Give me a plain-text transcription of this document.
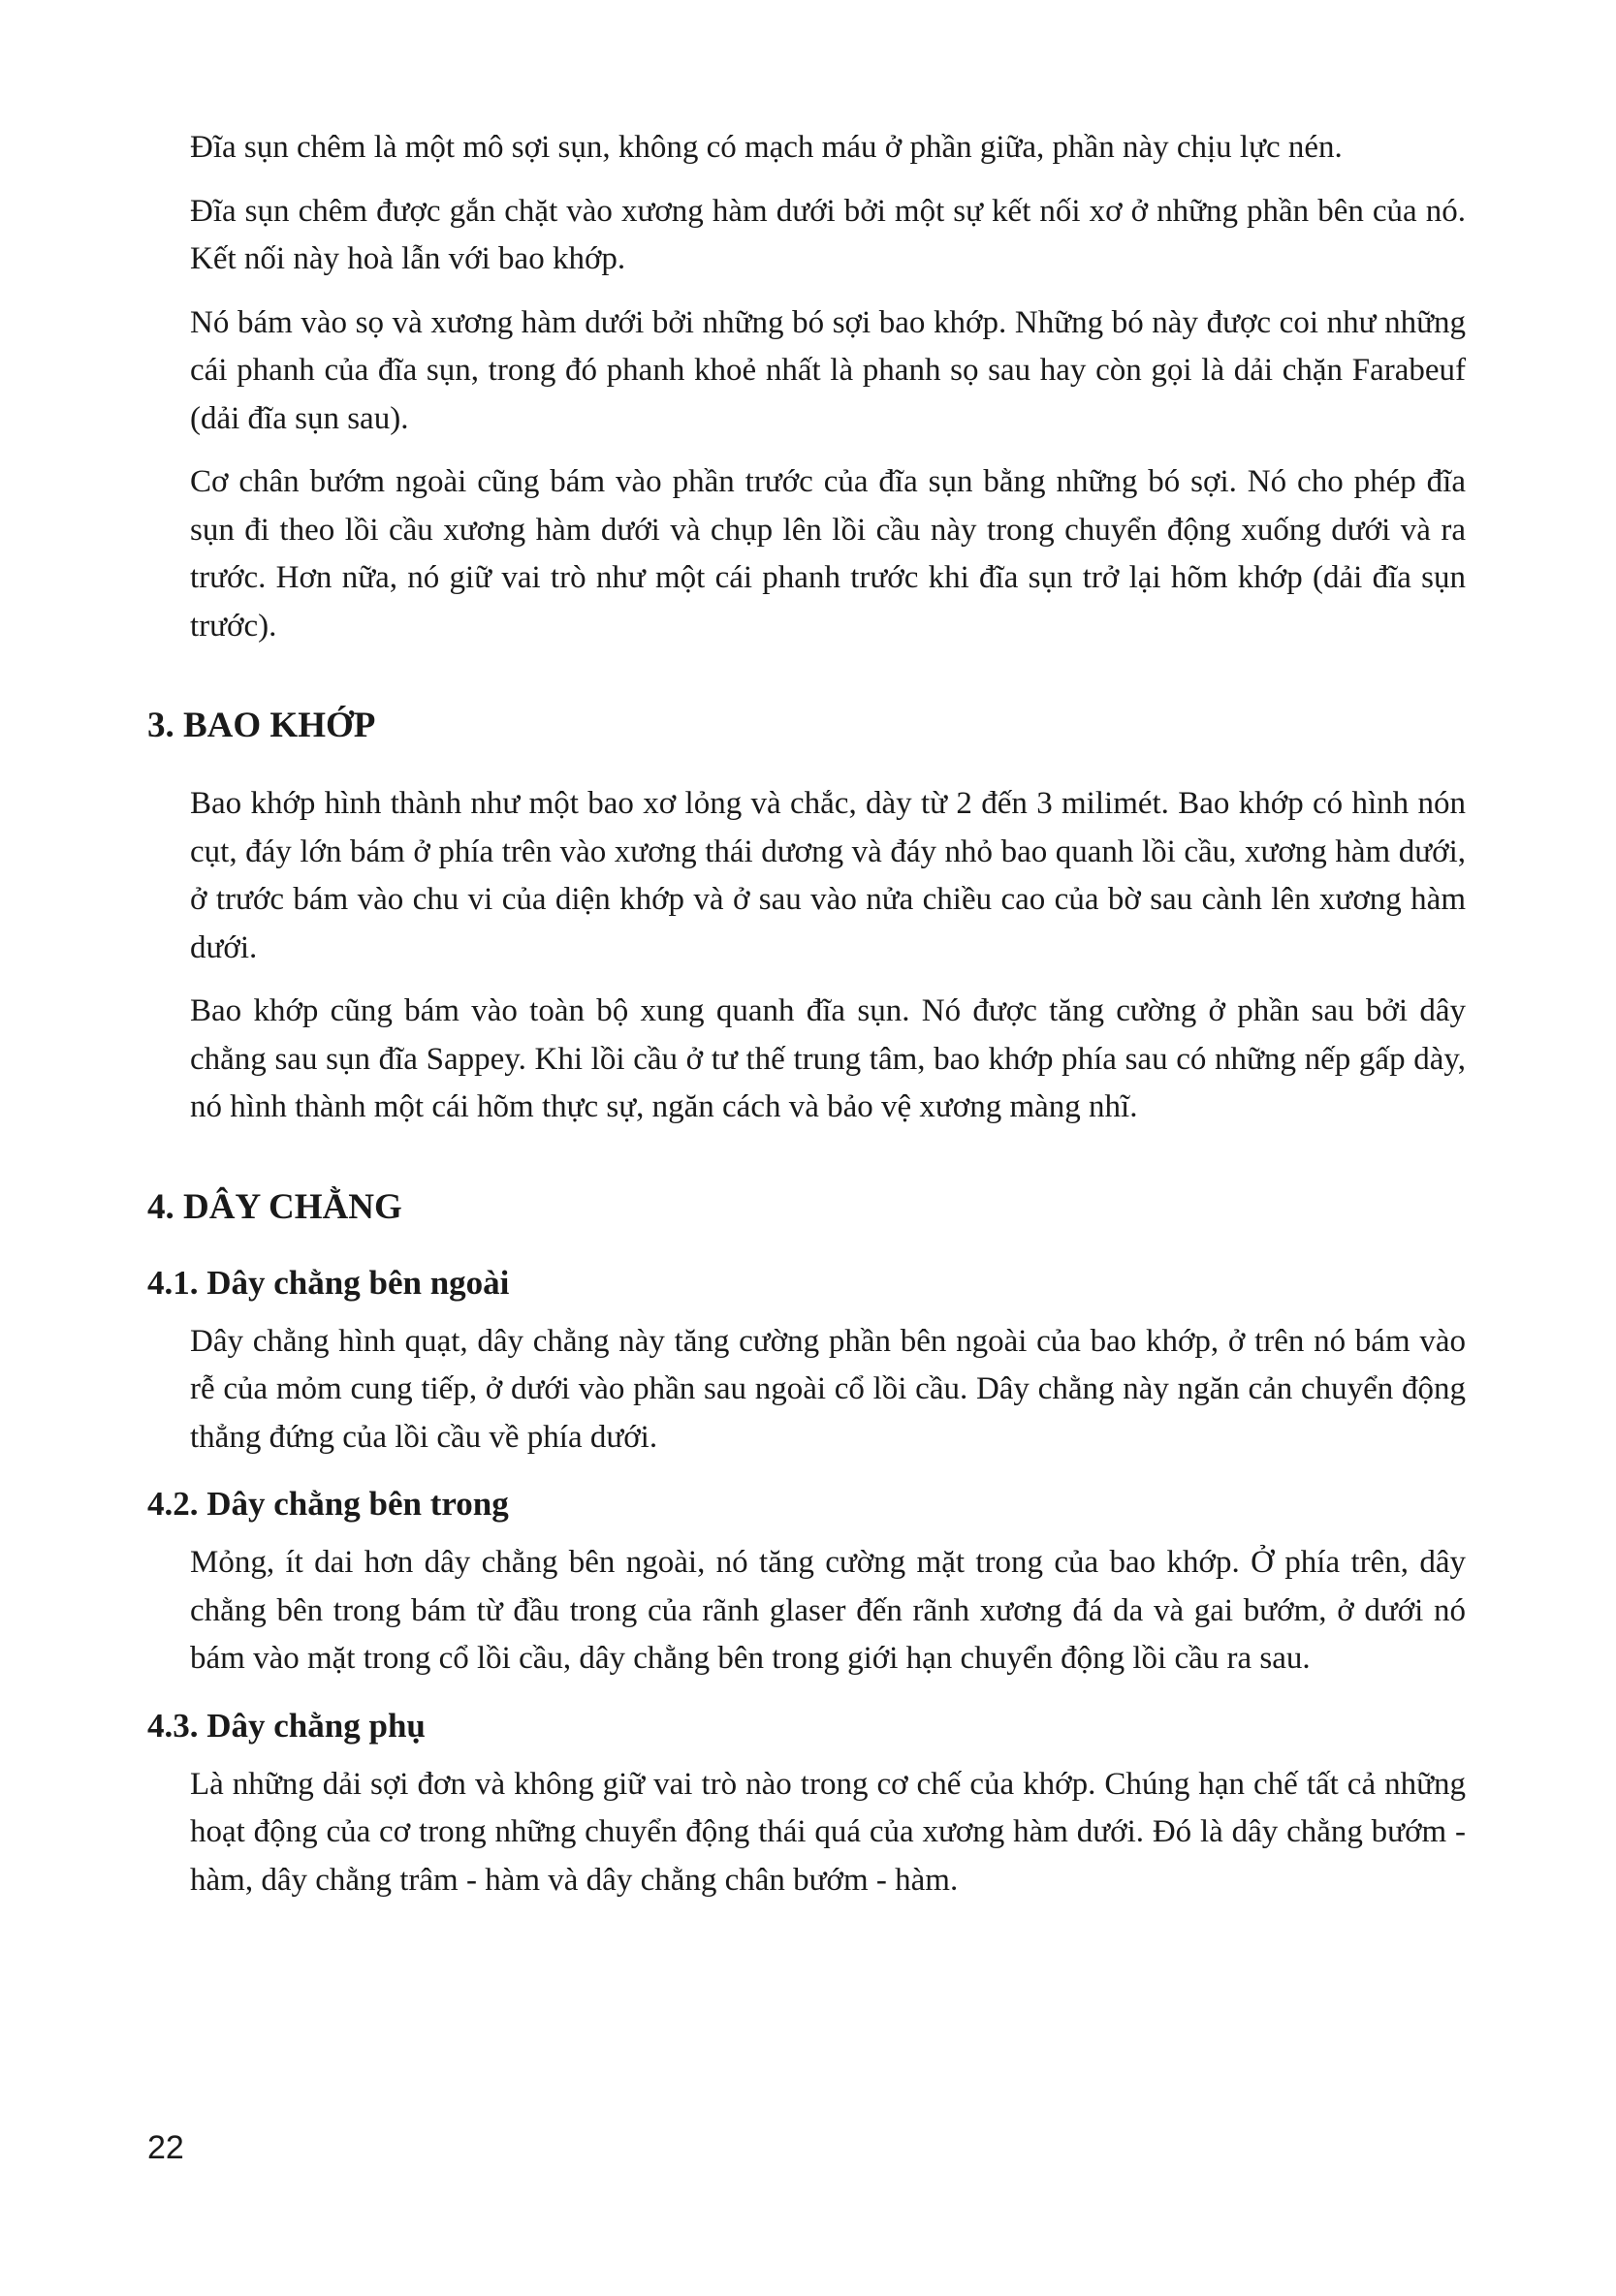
Đĩa sụn chêm là một mô sợi sụn, không có mạch máu ở phần giữa, phần này chịu lực nén.

Đĩa sụn chêm được gắn chặt vào xương hàm dưới bởi một sự kết nối xơ ở những phần bên của nó. Kết nối này hoà lẫn với bao khớp.

Nó bám vào sọ và xương hàm dưới bởi những bó sợi bao khớp. Những bó này được coi như những cái phanh của đĩa sụn, trong đó phanh khoẻ nhất là phanh sọ sau hay còn gọi là dải chặn Farabeuf (dải đĩa sụn sau).

Cơ chân bướm ngoài cũng bám vào phần trước của đĩa sụn bằng những bó sợi. Nó cho phép đĩa sụn đi theo lồi cầu xương hàm dưới và chụp lên lồi cầu này trong chuyển động xuống dưới và ra trước. Hơn nữa, nó giữ vai trò như một cái phanh trước khi đĩa sụn trở lại hõm khớp (dải đĩa sụn trước).

3. BAO KHỚP

Bao khớp hình thành như một bao xơ lỏng và chắc, dày từ 2 đến 3 milimét. Bao khớp có hình nón cụt, đáy lớn bám ở phía trên vào xương thái dương và đáy nhỏ bao quanh lồi cầu, xương hàm dưới, ở trước bám vào chu vi của diện khớp và ở sau vào nửa chiều cao của bờ sau cành lên xương hàm dưới.

Bao khớp cũng bám vào toàn bộ xung quanh đĩa sụn. Nó được tăng cường ở phần sau bởi dây chằng sau sụn đĩa Sappey. Khi lồi cầu ở tư thế trung tâm, bao khớp phía sau có những nếp gấp dày, nó hình thành một cái hõm thực sự, ngăn cách và bảo vệ xương màng nhĩ.

4. DÂY CHẰNG
4.1. Dây chằng bên ngoài

Dây chằng hình quạt, dây chằng này tăng cường phần bên ngoài của bao khớp, ở trên nó bám vào rễ của mỏm cung tiếp, ở dưới vào phần sau ngoài cổ lồi cầu. Dây chằng này ngăn cản chuyển động thẳng đứng của lồi cầu về phía dưới.

4.2. Dây chằng bên trong

Mỏng, ít dai hơn dây chằng bên ngoài, nó tăng cường mặt trong của bao khớp. Ở phía trên, dây chằng bên trong bám từ đầu trong của rãnh glaser đến rãnh xương đá da và gai bướm, ở dưới nó bám vào mặt trong cổ lồi cầu, dây chằng bên trong giới hạn chuyển động lồi cầu ra sau.

4.3. Dây chằng phụ

Là những dải sợi đơn và không giữ vai trò nào trong cơ chế của khớp. Chúng hạn chế tất cả những hoạt động của cơ trong những chuyển động thái quá của xương hàm dưới. Đó là dây chằng bướm - hàm, dây chằng trâm - hàm và dây chằng chân bướm - hàm.

22
